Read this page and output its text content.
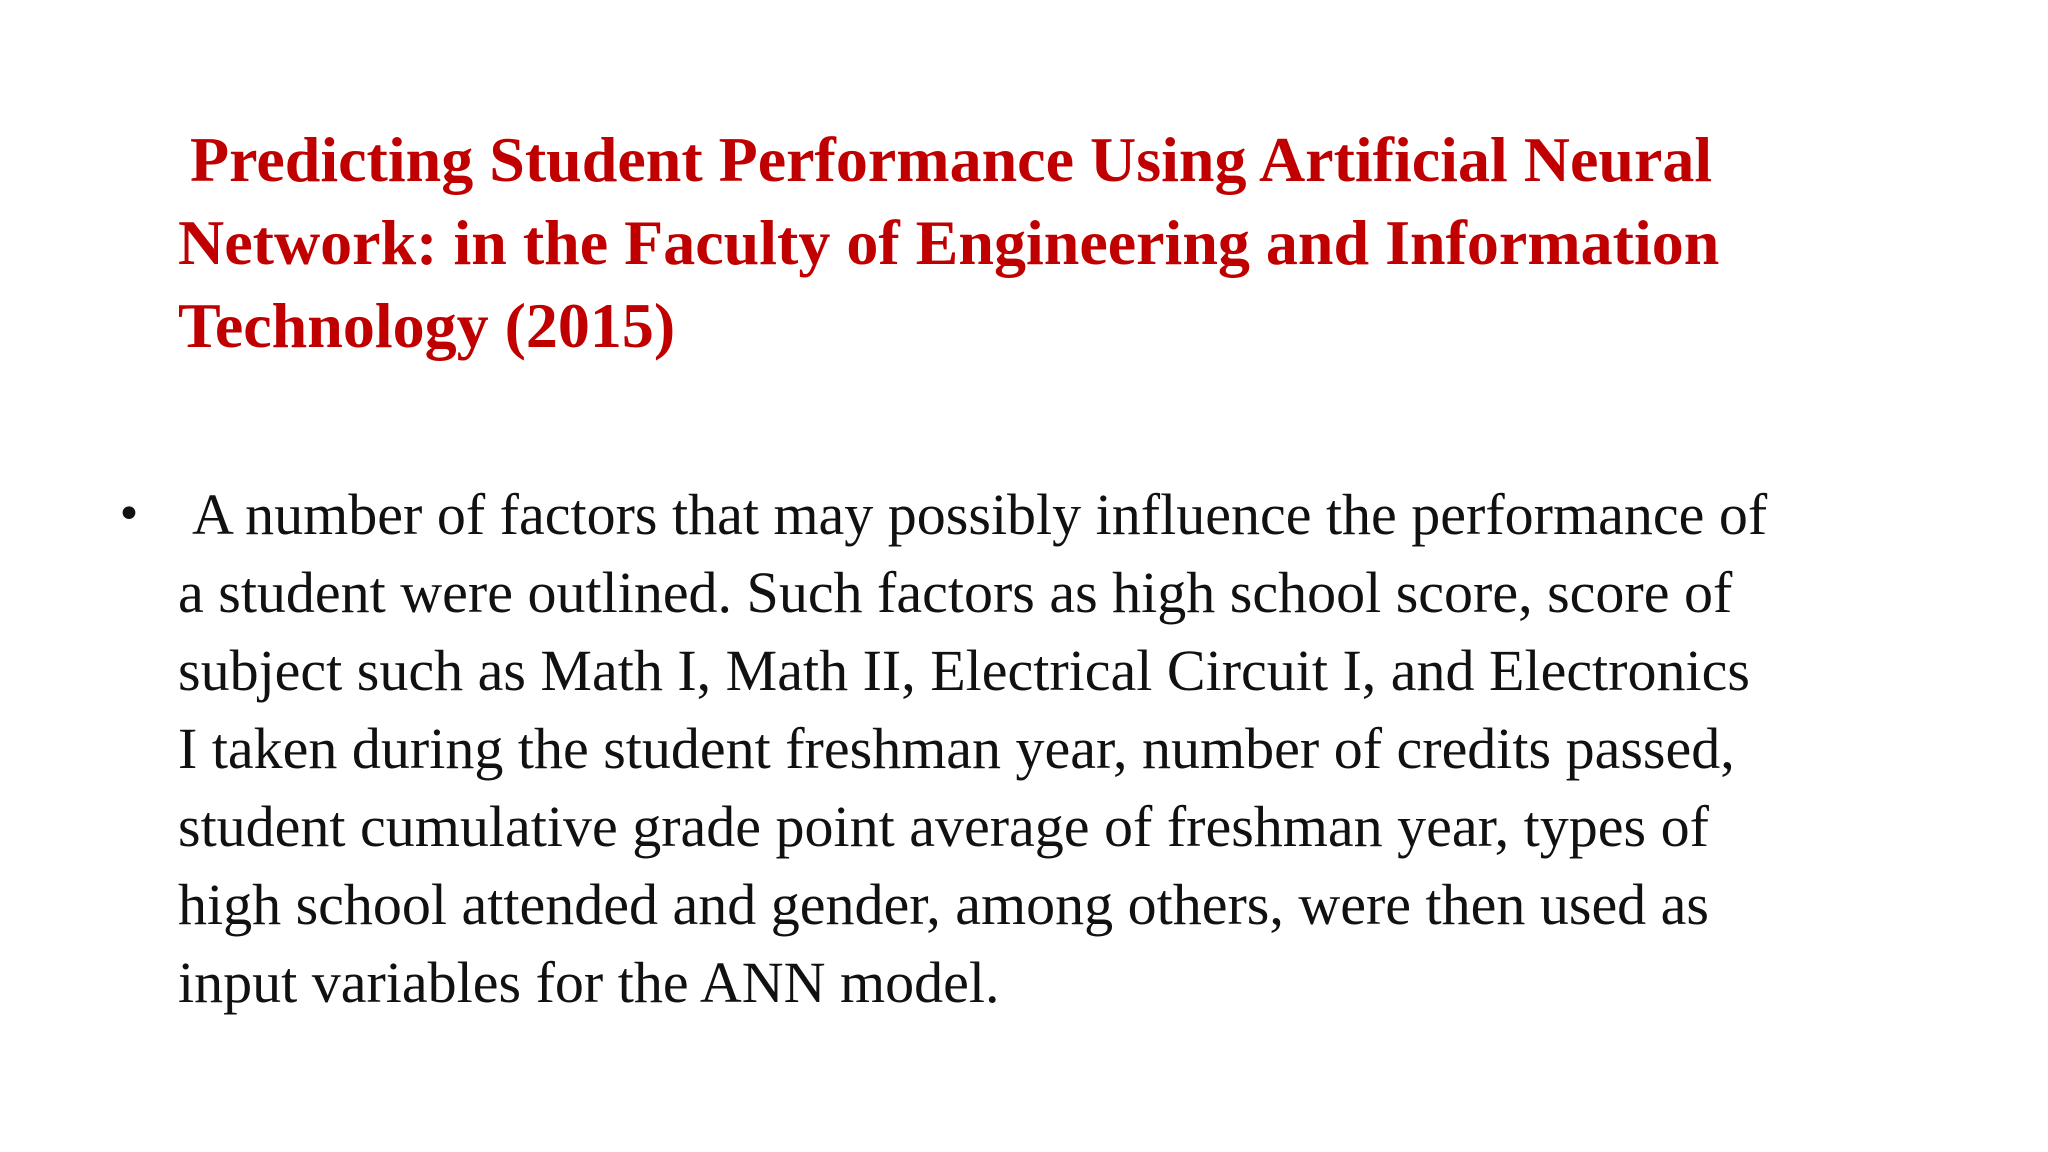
Predicting Student Performance Using Artificial Neural
Network: in the Faculty of Engineering and Information
Technology (2015)
• A number of factors that may possibly influence the performance of
a student were outlined. Such factors as high school score, score of
subject such as Math I, Math II, Electrical Circuit I, and Electronics
I taken during the student freshman year, number of credits passed,
student cumulative grade point average of freshman year, types of
high school attended and gender, among others, were then used as
input variables for the ANN model.
